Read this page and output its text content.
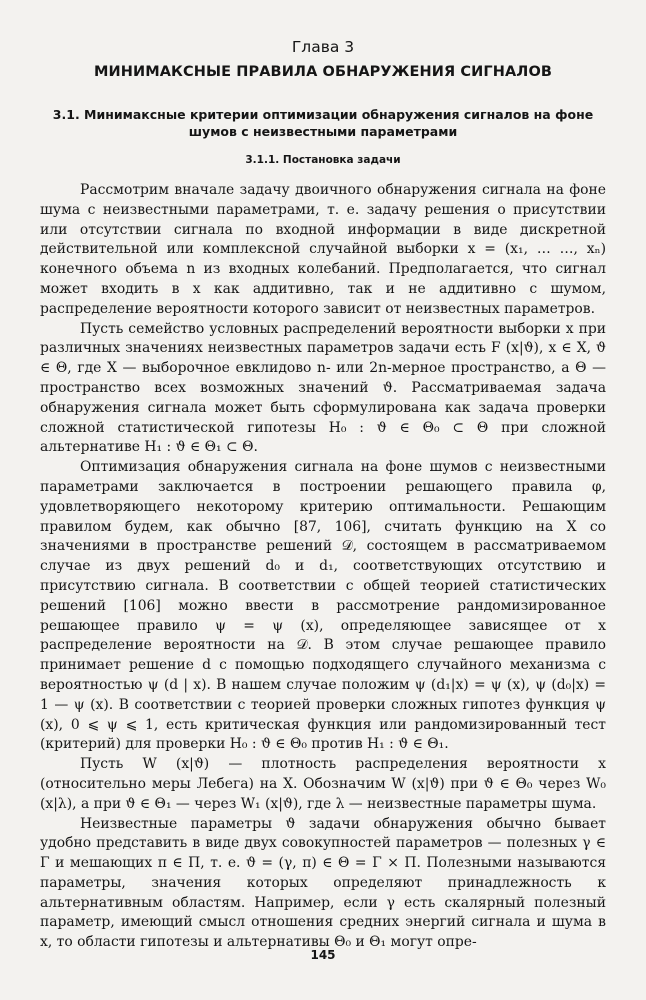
Глава 3
МИНИМАКСНЫЕ ПРАВИЛА ОБНАРУЖЕНИЯ СИГНАЛОВ
3.1. Минимаксные критерии оптимизации обнаружения сигналов на фоне шумов с неизвестными параметрами
3.1.1. Постановка задачи

Рассмотрим вначале задачу двоичного обнаружения сигнала на фоне шума с неизвестными параметрами, т. е. задачу решения о присутствии или отсутствии сигнала по входной информации в виде дискретной действительной или комплексной случайной выборки x = (x₁, … …, xₙ) конечного объема n из входных колебаний. Предполагается, что сигнал может входить в x как аддитивно, так и не аддитивно с шумом, распределение вероятности которого зависит от неизвестных параметров.

Пусть семейство условных распределений вероятности выборки x при различных значениях неизвестных параметров задачи есть F (x|ϑ), x ∈ X, ϑ ∈ Θ, где X — выборочное евклидово n- или 2n-мерное пространство, а Θ — пространство всех возможных значений ϑ. Рассматриваемая задача обнаружения сигнала может быть сформулирована как задача проверки сложной статистической гипотезы H₀ : ϑ ∈ Θ₀ ⊂ Θ при сложной альтернативе H₁ : ϑ ∈ Θ₁ ⊂ Θ.

Оптимизация обнаружения сигнала на фоне шумов с неизвестными параметрами заключается в построении решающего правила φ, удовлетворяющего некоторому критерию оптимальности. Решающим правилом будем, как обычно [87, 106], считать функцию на X со значениями в пространстве решений 𝒟, состоящем в рассматриваемом случае из двух решений d₀ и d₁, соответствующих отсутствию и присутствию сигнала. В соответствии с общей теорией статистических решений [106] можно ввести в рассмотрение рандомизированное решающее правило ψ = ψ (x), определяющее зависящее от x распределение вероятности на 𝒟. В этом случае решающее правило принимает решение d с помощью подходящего случайного механизма с вероятностью ψ (d | x). В нашем случае положим ψ (d₁|x) = ψ (x), ψ (d₀|x) = 1 — ψ (x). В соответствии с теорией проверки сложных гипотез функция ψ (x), 0 ⩽ ψ ⩽ 1, есть критическая функция или рандомизированный тест (критерий) для проверки H₀ : ϑ ∈ Θ₀ против H₁ : ϑ ∈ Θ₁.

Пусть W (x|ϑ) — плотность распределения вероятности x (относительно меры Лебега) на X. Обозначим W (x|ϑ) при ϑ ∈ Θ₀ через W₀ (x|λ), а при ϑ ∈ Θ₁ — через W₁ (x|ϑ), где λ — неизвестные параметры шума.

Неизвестные параметры ϑ задачи обнаружения обычно бывает удобно представить в виде двух совокупностей параметров — полезных γ ∈ Γ и мешающих π ∈ Π, т. е. ϑ = (γ, π) ∈ Θ = Γ × Π. Полезными называются параметры, значения которых определяют принадлежность к альтернативным областям. Например, если γ есть скалярный полезный параметр, имеющий смысл отношения средних энергий сигнала и шума в x, то области гипотезы и альтернативы Θ₀ и Θ₁ могут опре-

145
